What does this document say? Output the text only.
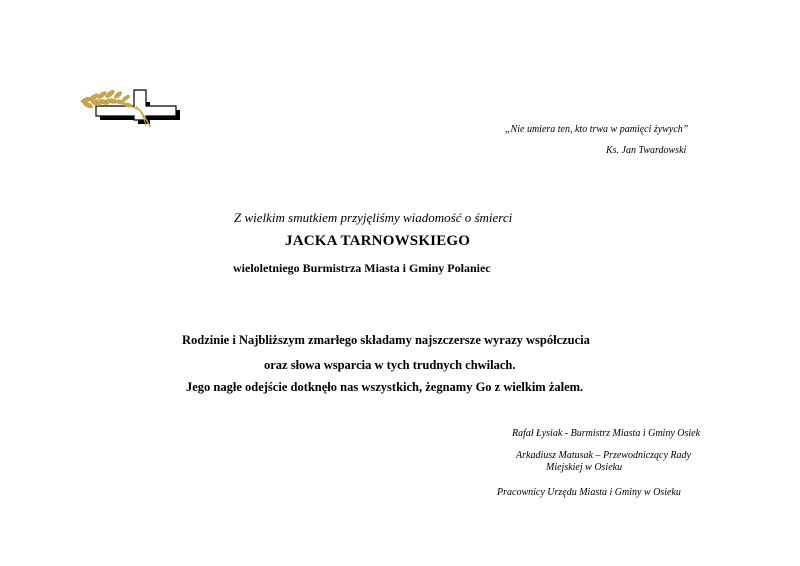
„Nie umiera ten, kto trwa w pamięci żywych”
Ks. Jan Twardowski
Z wielkim smutkiem przyjęliśmy wiadomość o śmierci
JACKA TARNOWSKIEGO
wieloletniego Burmistrza Miasta i Gminy Połaniec
Rodzinie i Najbliższym zmarłego składamy najszczersze wyrazy współczucia
oraz słowa wsparcia w tych trudnych chwilach.
Jego nagłe odejście dotknęło nas wszystkich, żegnamy Go z wielkim żalem.
Rafał Łysiak - Burmistrz Miasta i Gminy Osiek
Arkadiusz Matusak – Przewodniczący Rady
Miejskiej w Osieku
Pracownicy Urzędu Miasta i Gminy w Osieku
